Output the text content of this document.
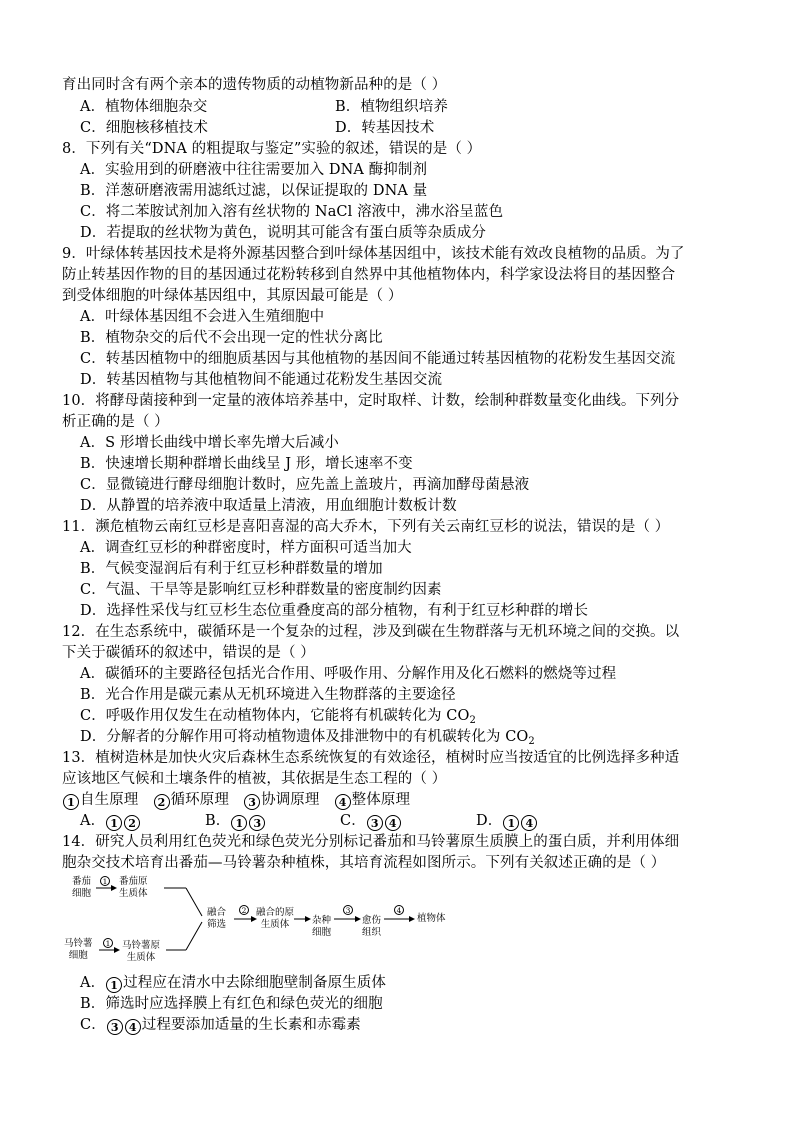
育出同时含有两个亲本的遗传物质的动植物新品种的是（ ）
A．植物体细胞杂交	B．植物组织培养
C．细胞核移植技术	D．转基因技术
8．下列有关“DNA 的粗提取与鉴定”实验的叙述，错误的是（ ）
A．实验用到的研磨液中往往需要加入 DNA 酶抑制剂
B．洋葱研磨液需用滤纸过滤，以保证提取的 DNA 量
C．将二苯胺试剂加入溶有丝状物的 NaCl 溶液中，沸水浴呈蓝色
D．若提取的丝状物为黄色，说明其可能含有蛋白质等杂质成分
9．叶绿体转基因技术是将外源基因整合到叶绿体基因组中，该技术能有效改良植物的品质。为了
防止转基因作物的目的基因通过花粉转移到自然界中其他植物体内，科学家设法将目的基因整合
到受体细胞的叶绿体基因组中，其原因最可能是（ ）
A．叶绿体基因组不会进入生殖细胞中
B．植物杂交的后代不会出现一定的性状分离比
C．转基因植物中的细胞质基因与其他植物的基因间不能通过转基因植物的花粉发生基因交流
D．转基因植物与其他植物间不能通过花粉发生基因交流
10．将酵母菌接种到一定量的液体培养基中，定时取样、计数，绘制种群数量变化曲线。下列分
析正确的是（ ）
A．S 形增长曲线中增长率先增大后减小
B．快速增长期种群增长曲线呈 J 形，增长速率不变
C．显微镜进行酵母细胞计数时，应先盖上盖玻片，再滴加酵母菌悬液
D．从静置的培养液中取适量上清液，用血细胞计数板计数
11．濒危植物云南红豆杉是喜阳喜湿的高大乔木，下列有关云南红豆杉的说法，错误的是（ ）
A．调查红豆杉的种群密度时，样方面积可适当加大
B．气候变湿润后有利于红豆杉种群数量的增加
C．气温、干旱等是影响红豆杉种群数量的密度制约因素
D．选择性采伐与红豆杉生态位重叠度高的部分植物，有利于红豆杉种群的增长
12．在生态系统中，碳循环是一个复杂的过程，涉及到碳在生物群落与无机环境之间的交换。以
下关于碳循环的叙述中，错误的是（ ）
A．碳循环的主要路径包括光合作用、呼吸作用、分解作用及化石燃料的燃烧等过程
B．光合作用是碳元素从无机环境进入生物群落的主要途径
C．呼吸作用仅发生在动植物体内，它能将有机碳转化为 $CO_2$
D．分解者的分解作用可将动植物遗体及排泄物中的有机碳转化为 $CO_2$
13．植树造林是加快火灾后森林生态系统恢复的有效途径，植树时应当按适宜的比例选择多种适
应该地区气候和土壤条件的植被，其依据是生态工程的（ ）
1 自生原理 2 循环原理 3 协调原理 4 整体原理
A． 1 2	B． 1 3	C． 3 4	D． 1 4
14．研究人员利用红色荧光和绿色荧光分别标记番茄和马铃薯原生质膜上的蛋白质，并利用体细
胞杂交技术培育出番茄—马铃薯杂种植株，其培育流程如图所示。下列有关叙述正确的是（ ）
番茄
细胞
1 番茄原
生质体
马铃薯
细胞
1 马铃薯原
生质体
融合
筛选
2 融合的原
生质体	杂种
细胞
3
愈伤
组织
4
植物体
A． 1 过程应在清水中去除细胞壁制备原生质体
B．筛选时应选择膜上有红色和绿色荧光的细胞
C． 3 4 过程要添加适量的生长素和赤霉素
